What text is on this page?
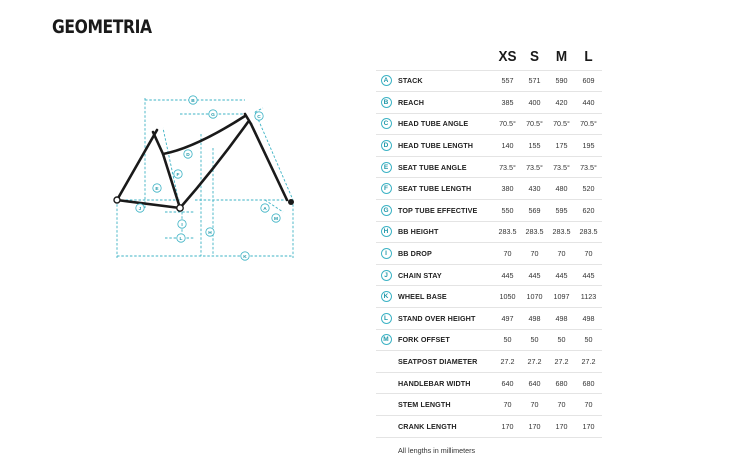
GEOMETRIA
A
B
C
D
E
F
G
H
I
J
K
L
M
		XS	S	M	L
A	STACK	557	571	590	609
B	REACH	385	400	420	440
C	HEAD TUBE ANGLE	70.5°	70.5°	70.5°	70.5°
D	HEAD TUBE LENGTH	140	155	175	195
E	SEAT TUBE ANGLE	73.5°	73.5°	73.5°	73.5°
F	SEAT TUBE LENGTH	380	430	480	520
G	TOP TUBE EFFECTIVE	550	569	595	620
H	BB HEIGHT	283.5	283.5	283.5	283.5
I	BB DROP	70	70	70	70
J	CHAIN STAY	445	445	445	445
K	WHEEL BASE	1050	1070	1097	1123
L	STAND OVER HEIGHT	497	498	498	498
M	FORK OFFSET	50	50	50	50
	SEATPOST DIAMETER	27.2	27.2	27.2	27.2
	HANDLEBAR WIDTH	640	640	680	680
	STEM LENGTH	70	70	70	70
	CRANK LENGTH	170	170	170	170
All lengths in millimeters
